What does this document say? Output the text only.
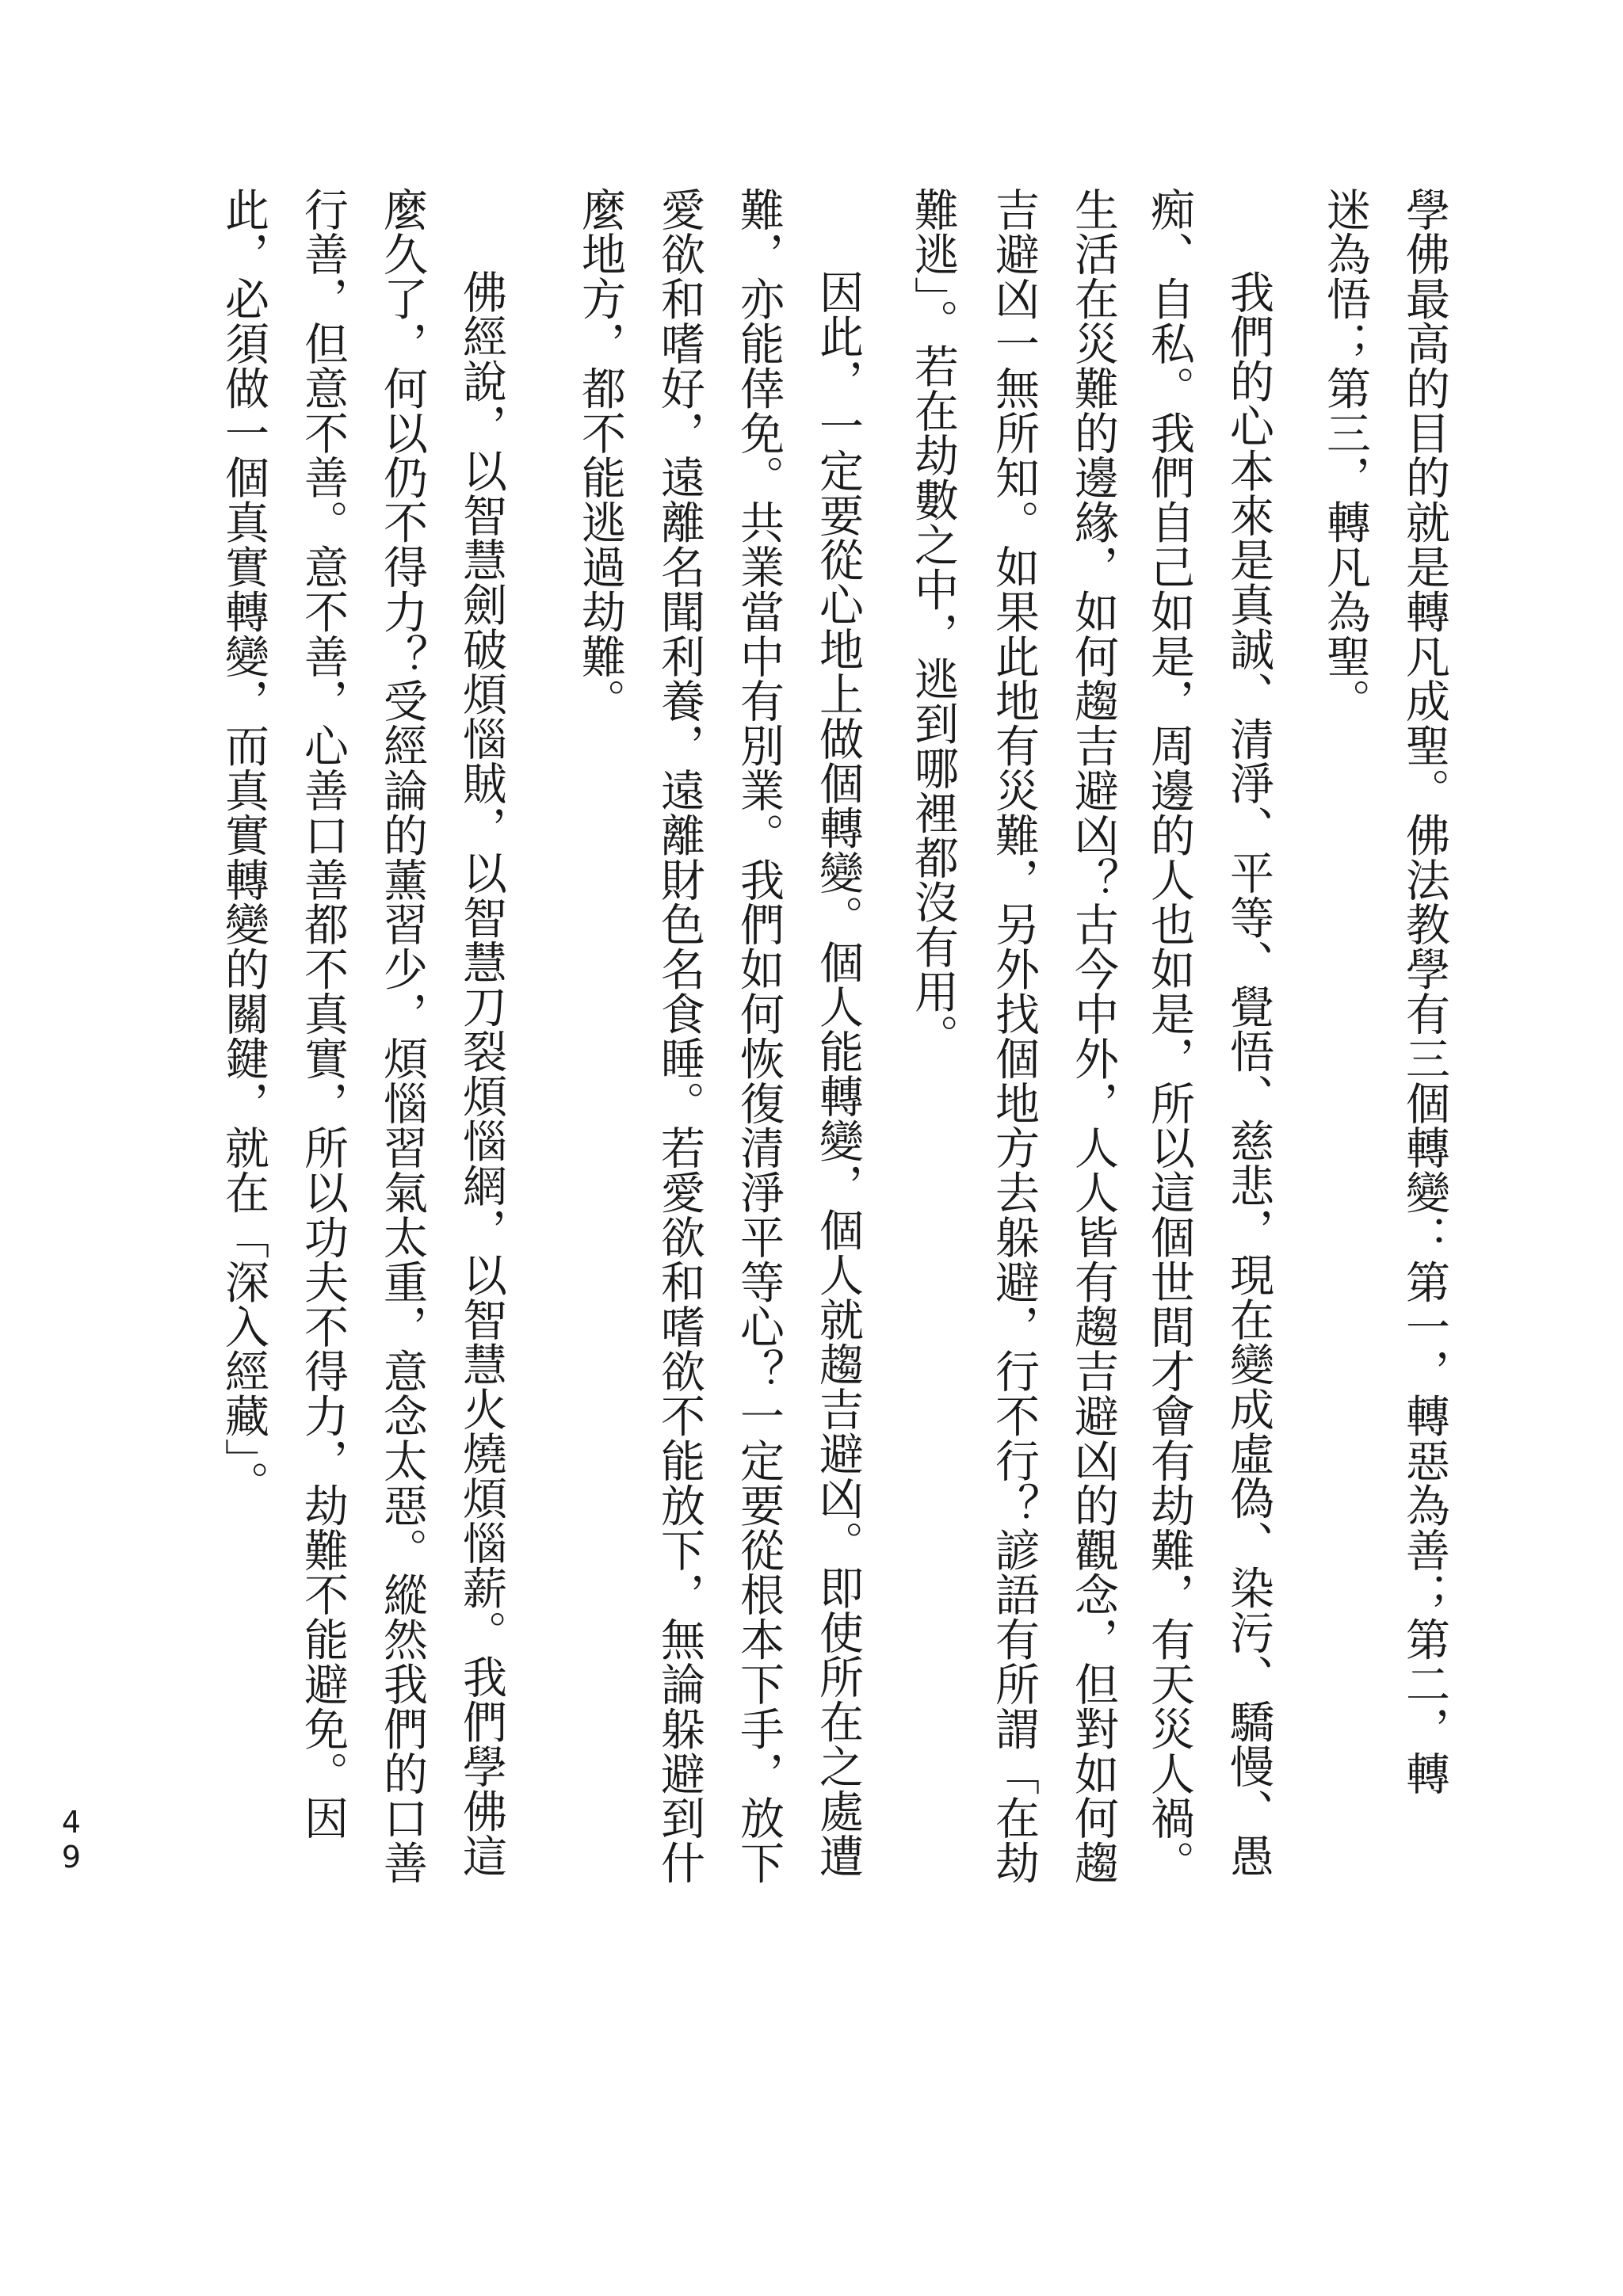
學佛最高的目的就是轉凡成聖。佛法教學有三個轉變：第一，轉惡為善；第二，轉
迷為悟；第三，轉凡為聖。
我們的心本來是真誠、清淨、平等、覺悟、慈悲，現在變成虛偽、染污、驕慢、愚
痴、自私。我們自己如是，周邊的人也如是，所以這個世間才會有劫難，有天災人禍。
生活在災難的邊緣，如何趨吉避凶？古今中外，人人皆有趨吉避凶的觀念，但對如何趨
吉避凶一無所知。如果此地有災難，另外找個地方去躲避，行不行？諺語有所謂「在劫
難逃」。若在劫數之中，逃到哪裡都沒有用。
因此，一定要從心地上做個轉變。個人能轉變，個人就趨吉避凶。即使所在之處遭
難，亦能倖免。共業當中有別業。我們如何恢復清淨平等心？一定要從根本下手，放下
愛欲和嗜好，遠離名聞利養，遠離財色名食睡。若愛欲和嗜欲不能放下，無論躲避到什
麼地方，都不能逃過劫難。
佛經說，以智慧劍破煩惱賊，以智慧刀裂煩惱網，以智慧火燒煩惱薪。我們學佛這
麼久了，何以仍不得力？受經論的薰習少，煩惱習氣太重，意念太惡。縱然我們的口善
行善，但意不善。意不善，心善口善都不真實，所以功夫不得力，劫難不能避免。因
此，必須做一個真實轉變，而真實轉變的關鍵，就在「深入經藏」。
49
